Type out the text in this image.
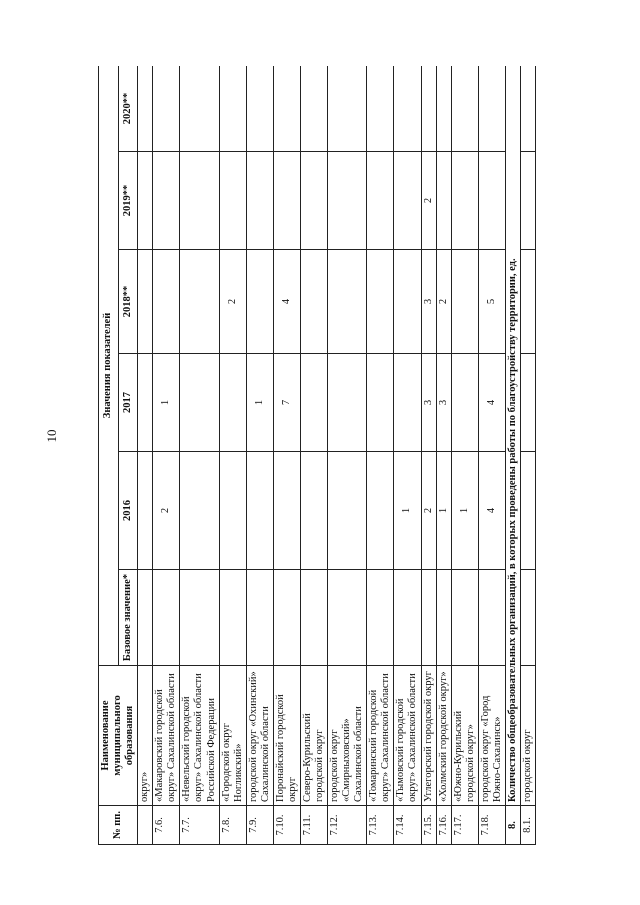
10
№ пп.	Наименование муниципального образования	Значения показателей					
		Базовое значение*	2016	2017	2018**	2019**	2020**
	округ»						
7.6.	«Макаровский городской округ» Сахалинской области		2	1			
7.7.	«Невельский городской округ» Сахалинской области Российской Федерации						
7.8.	«Городской округ Ногликский»				2		
7.9.	городской округ «Охинский» Сахалинской области			1			
7.10.	Поронайский городской округ			7	4		
7.11.	Северо-Курильский городской округ						
7.12.	городской округ «Смирныховский» Сахалинской области						
7.13.	«Томаринский городской округ» Сахалинской области						
7.14.	«Тымовский городской округ» Сахалинской области		1				
7.15.	Углегорский городской округ		2	3	3	2	
7.16.	«Холмский городской округ»		1	3	2		
7.17.	«Южно-Курильский городской округ»		1				
7.18.	городской округ «Город Южно-Сахалинск»		4	4	5		
8.	Количество общеобразовательных организаций, в которых проведены работы по благоустройству территории, ед.						
8.1.	городской округ						
